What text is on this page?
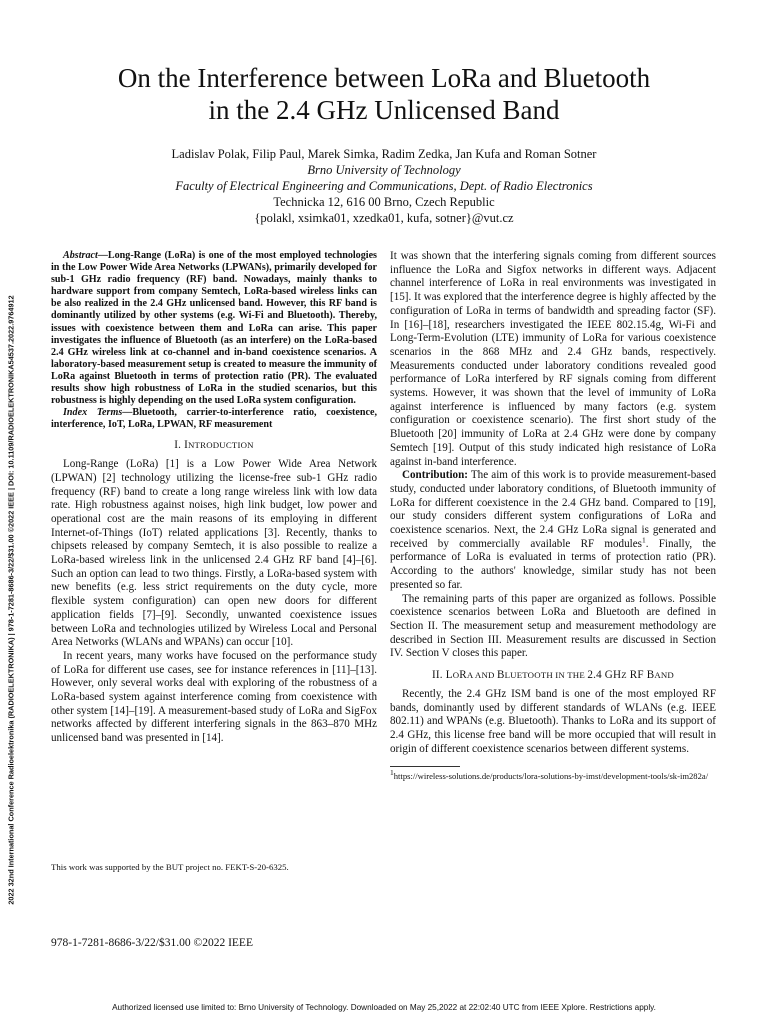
On the Interference between LoRa and Bluetooth
in the 2.4 GHz Unlicensed Band
Ladislav Polak, Filip Paul, Marek Simka, Radim Zedka, Jan Kufa and Roman Sotner
Brno University of Technology
Faculty of Electrical Engineering and Communications, Dept. of Radio Electronics
Technicka 12, 616 00 Brno, Czech Republic
{polakl, xsimka01, xzedka01, kufa, sotner}@vut.cz
2022 32nd International Conference Radioelektronika (RADIOELEKTRONIKA) | 978-1-7281-8686-3/22/$31.00 ©2022 IEEE | DOI: 10.1109/RADIOELEKTRONIKA54537.2022.9764912

Abstract—Long-Range (LoRa) is one of the most employed technologies in the Low Power Wide Area Networks (LPWANs), primarily developed for sub-1 GHz radio frequency (RF) band. Nowadays, mainly thanks to hardware support from company Semtech, LoRa-based wireless links can be also realized in the 2.4 GHz unlicensed band. However, this RF band is dominantly utilized by other systems (e.g. Wi-Fi and Bluetooth). Thereby, issues with coexistence between them and LoRa can arise. This paper investigates the influence of Bluetooth (as an interfere) on the LoRa-based 2.4 GHz wireless link at co-channel and in-band coexistence scenarios. A laboratory-based measurement setup is created to measure the immunity of LoRa against Bluetooth in terms of protection ratio (PR). The evaluated results show high robustness of LoRa in the studied scenarios, but this robustness is highly depending on the used LoRa system configuration.

Index Terms—Bluetooth, carrier-to-interference ratio, coexistence, interference, IoT, LoRa, LPWAN, RF measurement

I. INTRODUCTION

Long-Range (LoRa) [1] is a Low Power Wide Area Network (LPWAN) [2] technology utilizing the license-free sub-1 GHz radio frequency (RF) band to create a long range wireless link with low data rate. High robustness against noises, high link budget, low power and operational cost are the main reasons of its employing in different Internet-of-Things (IoT) related applications [3]. Recently, thanks to chipsets released by company Semtech, it is also possible to realize a LoRa-based wireless link in the unlicensed 2.4 GHz RF band [4]–[6]. Such an option can lead to two things. Firstly, a LoRa-based system with new benefits (e.g. less strict requirements on the duty cycle, more flexible system configuration) can open new doors for different application fields [7]–[9]. Secondly, unwanted coexistence issues between LoRa and technologies utilized by Wireless Local and Personal Area Networks (WLANs and WPANs) can occur [10].

In recent years, many works have focused on the performance study of LoRa for different use cases, see for instance references in [11]–[13]. However, only several works deal with exploring of the robustness of a LoRa-based system against interference coming from coexistence with other system [14]–[19]. A measurement-based study of LoRa and SigFox networks affected by different interfering signals in the 863–870 MHz unlicensed band was presented in [14].

This work was supported by the BUT project no. FEKT-S-20-6325.

It was shown that the interfering signals coming from different sources influence the LoRa and Sigfox networks in different ways. Adjacent channel interference of LoRa in real environments was investigated in [15]. It was explored that the interference degree is highly affected by the configuration of LoRa in terms of bandwidth and spreading factor (SF). In [16]–[18], researchers investigated the IEEE 802.15.4g, Wi-Fi and Long-Term-Evolution (LTE) immunity of LoRa for various coexistence scenarios in the 868 MHz and 2.4 GHz bands, respectively. Measurements conducted under laboratory conditions revealed good performance of LoRa interfered by RF signals coming from different systems. However, it was shown that the level of immunity of LoRa against interference is influenced by many factors (e.g. system configuration or coexistence scenario). The first short study of the Bluetooth [20] immunity of LoRa at 2.4 GHz were done by company Semtech [19]. Output of this study indicated high resistance of LoRa against in-band interference.

Contribution: The aim of this work is to provide measurement-based study, conducted under laboratory conditions, of Bluetooth immunity of LoRa for different coexistence in the 2.4 GHz band. Compared to [19], our study considers different system configurations of LoRa and coexistence scenarios. Next, the 2.4 GHz LoRa signal is generated and received by commercially available RF modules$^1$. Finally, the performance of LoRa is evaluated in terms of protection ratio (PR). According to the authors' knowledge, similar study has not been presented so far.

The remaining parts of this paper are organized as follows. Possible coexistence scenarios between LoRa and Bluetooth are defined in Section II. The measurement setup and measurement methodology are described in Section III. Measurement results are discussed in Section IV. Section V closes this paper.

II. LORA AND BLUETOOTH IN THE 2.4 GHZ RF BAND

Recently, the 2.4 GHz ISM band is one of the most employed RF bands, dominantly used by different standards of WLANs (e.g. IEEE 802.11) and WPANs (e.g. Bluetooth). Thanks to LoRa and its support of 2.4 GHz, this license free band will be more occupied that will result in origin of different coexistence scenarios between different systems.

1https://wireless-solutions.de/products/lora-solutions-by-imst/development-tools/sk-im282a/

978-1-7281-8686-3/22/$31.00 ©2022 IEEE
Authorized licensed use limited to: Brno University of Technology. Downloaded on May 25,2022 at 22:02:40 UTC from IEEE Xplore. Restrictions apply.
